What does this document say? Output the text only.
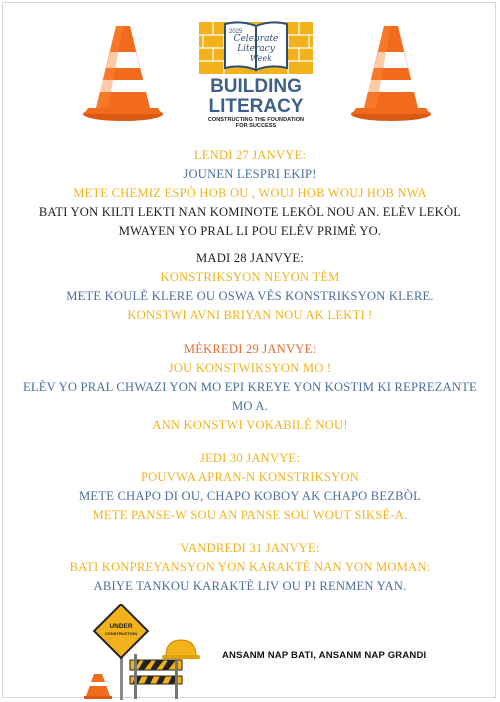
2025
Celebrate
Literacy
Week
BUILDING
LITERACY
CONSTRUCTING THE FOUNDATION
FOR SUCCESS
LENDI 27 JANVYE:
JOUNEN LESPRI EKIP!
METE CHEMIZ ESPÒ HOB OU , WOUJ HOB WOUJ HOB NWA
BATI YON KILTI LEKTI NAN KOMINOTE LEKÒL NOU AN. ELÈV LEKÒL
MWAYEN YO PRAL LI POU ELÈV PRIMÈ YO.
MADI 28 JANVYE:
KONSTRIKSYON NEYON TÈM
METE KOULÈ KLERE OU OSWA VÈS KONSTRIKSYON KLERE.
KONSTWI AVNI BRIYAN NOU AK LEKTI !
MÈKREDI 29 JANVYE:
JOU KONSTWIKSYON MO !
ELÈV YO PRAL CHWAZI YON MO EPI KREYE YON KOSTIM KI REPREZANTE
MO A.
ANN KONSTWI VOKABILÈ NOU!
JEDI 30 JANVYE:
POUVWA APRAN-N KONSTRIKSYON
METE CHAPO DI OU, CHAPO KOBOY AK CHAPO BEZBÒL
METE PANSE-W SOU AN PANSE SOU WOUT SIKSÈ-A.
VANDREDI 31 JANVYE:
BATI KONPREYANSYON YON KARAKTÈ NAN YON MOMAN:
ABIYE TANKOU KARAKTÈ LIV OU PI RENMEN YAN.
UNDER
CONSTRUCTION
ANSANM NAP BATI, ANSANM NAP GRANDI
